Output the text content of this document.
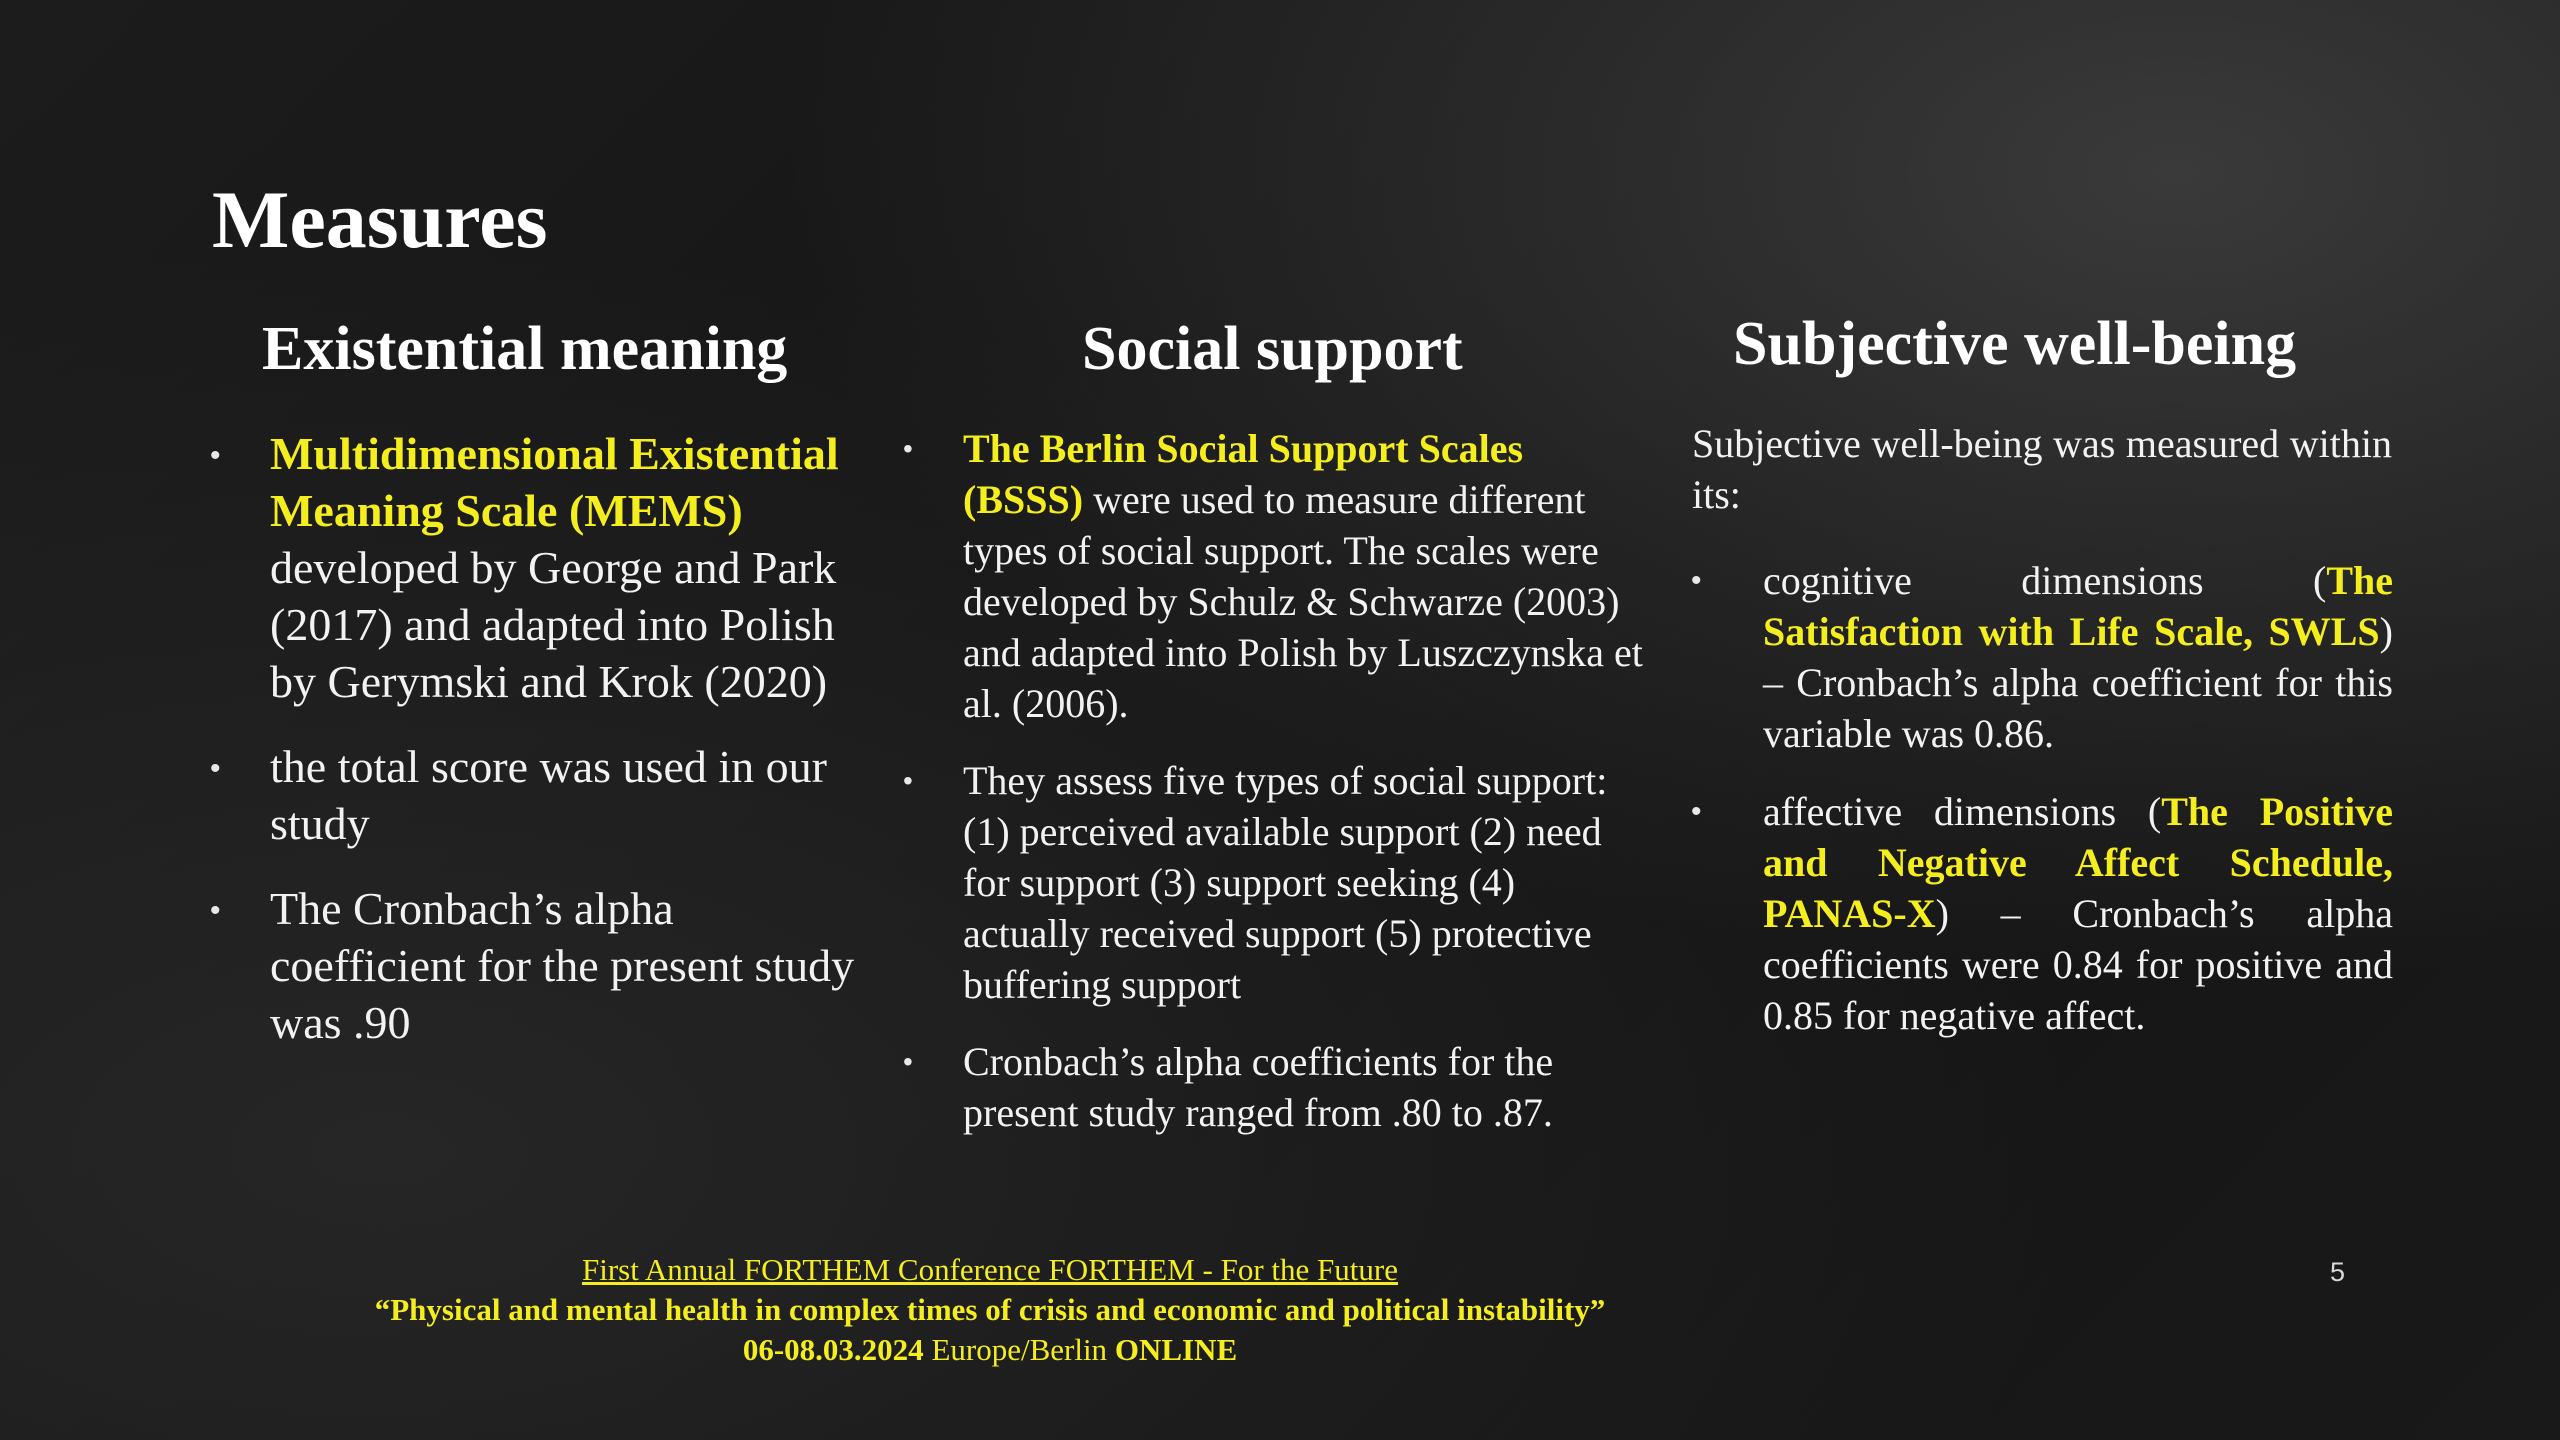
Measures
Existential meaning
• Multidimensional Existential Meaning Scale (MEMS) developed by George and Park (2017) and adapted into Polish by Gerymski and Krok (2020)
• the total score was used in our study
• The Cronbach’s alpha coefficient for the present study was .90
Social support
• The Berlin Social Support Scales (BSSS) were used to measure different types of social support. The scales were developed by Schulz & Schwarze (2003) and adapted into Polish by Luszczynska et al. (2006).
• They assess five types of social support: (1) perceived available support (2) need for support (3) support seeking (4) actually received support (5) protective buffering support
• Cronbach’s alpha coefficients for the present study ranged from .80 to .87.
Subjective well-being

Subjective well-being was measured within its:

• cognitive dimensions (The Satisfaction with Life Scale, SWLS) – Cronbach’s alpha coefficient for this variable was 0.86.
• affective dimensions (The Positive and Negative Affect Schedule, PANAS-X) – Cronbach’s alpha coefficients were 0.84 for positive and 0.85 for negative affect.
First Annual FORTHEM Conference FORTHEM - For the Future
“Physical and mental health in complex times of crisis and economic and political instability”
06-08.03.2024 Europe/Berlin ONLINE
5
